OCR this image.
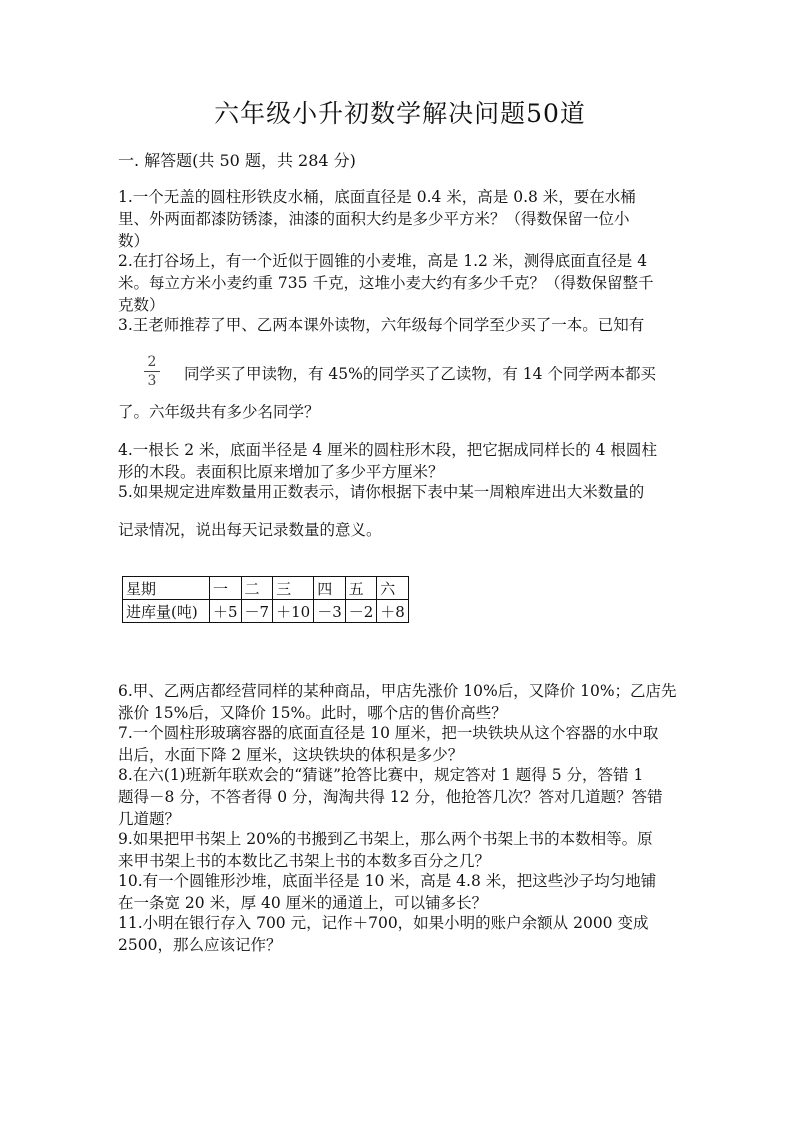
六年级小升初数学解决问题50道
一. 解答题(共 50 题，共 284 分)
1.一个无盖的圆柱形铁皮水桶，底面直径是 0.4 米，高是 0.8 米，要在水桶
里、外两面都漆防锈漆，油漆的面积大约是多少平方米？（得数保留一位小
数）
2.在打谷场上，有一个近似于圆锥的小麦堆，高是 1.2 米，测得底面直径是 4
米。每立方米小麦约重 735 千克，这堆小麦大约有多少千克？（得数保留整千
克数）
3.王老师推荐了甲、乙两本课外读物，六年级每个同学至少买了一本。已知有
2
3 同学买了甲读物，有 45%的同学买了乙读物，有 14 个同学两本都买
了。六年级共有多少名同学？
4.一根长 2 米，底面半径是 4 厘米的圆柱形木段，把它据成同样长的 4 根圆柱
形的木段。表面积比原来增加了多少平方厘米？
5.如果规定进库数量用正数表示，请你根据下表中某一周粮库进出大米数量的
记录情况，说出每天记录数量的意义。
星期	一	二	三	四	五	六
进库量(吨)	＋5	－7	＋10	－3	－2	＋8
6.甲、乙两店都经营同样的某种商品，甲店先涨价 10%后，又降价 10%；乙店先
涨价 15%后，又降价 15%。此时，哪个店的售价高些？
7.一个圆柱形玻璃容器的底面直径是 10 厘米，把一块铁块从这个容器的水中取
出后，水面下降 2 厘米，这块铁块的体积是多少？
8.在六(1)班新年联欢会的“猜谜”抢答比赛中，规定答对 1 题得 5 分，答错 1
题得－8 分，不答者得 0 分，淘淘共得 12 分，他抢答几次？答对几道题？答错
几道题？
9.如果把甲书架上 20%的书搬到乙书架上，那么两个书架上书的本数相等。原
来甲书架上书的本数比乙书架上书的本数多百分之几？
10.有一个圆锥形沙堆，底面半径是 10 米，高是 4.8 米，把这些沙子均匀地铺
在一条宽 20 米，厚 40 厘米的通道上，可以铺多长？
11.小明在银行存入 700 元，记作＋700，如果小明的账户余额从 2000 变成
2500，那么应该记作？
